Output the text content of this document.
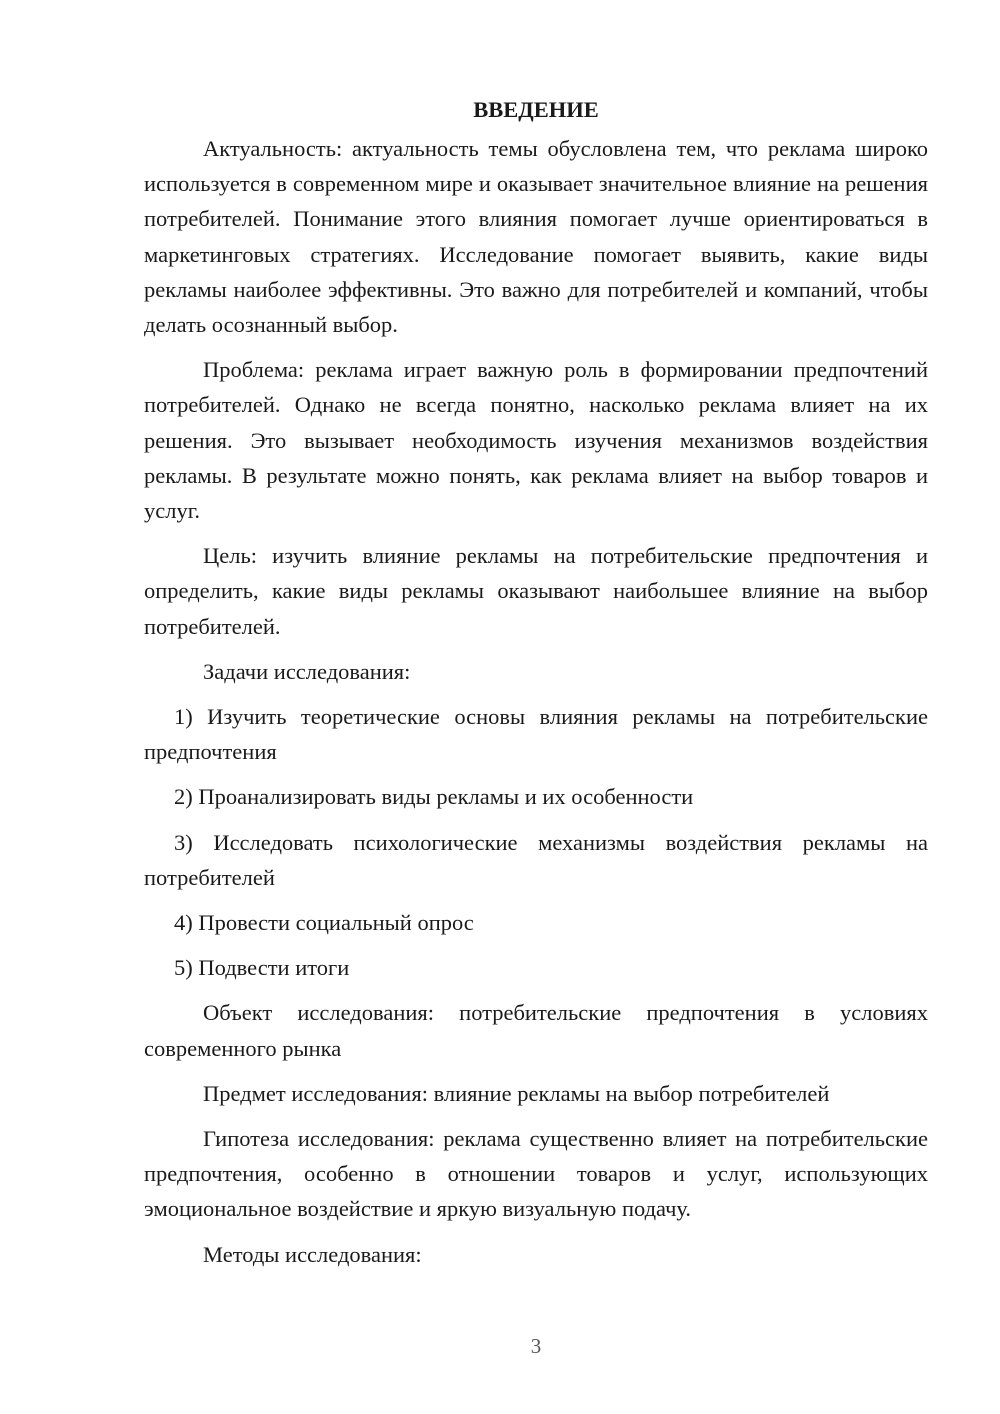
ВВЕДЕНИЕ

Актуальность: актуальность темы обусловлена тем, что реклама широко используется в современном мире и оказывает значительное влияние на решения потребителей. Понимание этого влияния помогает лучше ориентироваться в маркетинговых стратегиях. Исследование помогает выявить, какие виды рекламы наиболее эффективны. Это важно для потребителей и компаний, чтобы делать осознанный выбор.

Проблема: реклама играет важную роль в формировании предпочтений потребителей. Однако не всегда понятно, насколько реклама влияет на их решения. Это вызывает необходимость изучения механизмов воздействия рекламы. В результате можно понять, как реклама влияет на выбор товаров и услуг.

Цель: изучить влияние рекламы на потребительские предпочтения и определить, какие виды рекламы оказывают наибольшее влияние на выбор потребителей.

Задачи исследования:

1) Изучить теоретические основы влияния рекламы на потребительские предпочтения

2) Проанализировать виды рекламы и их особенности

3) Исследовать психологические механизмы воздействия рекламы на потребителей

4) Провести социальный опрос

5) Подвести итоги

Объект исследования: потребительские предпочтения в условиях современного рынка

Предмет исследования: влияние рекламы на выбор потребителей

Гипотеза исследования: реклама существенно влияет на потребительские предпочтения, особенно в отношении товаров и услуг, использующих эмоциональное воздействие и яркую визуальную подачу.

Методы исследования:

3
